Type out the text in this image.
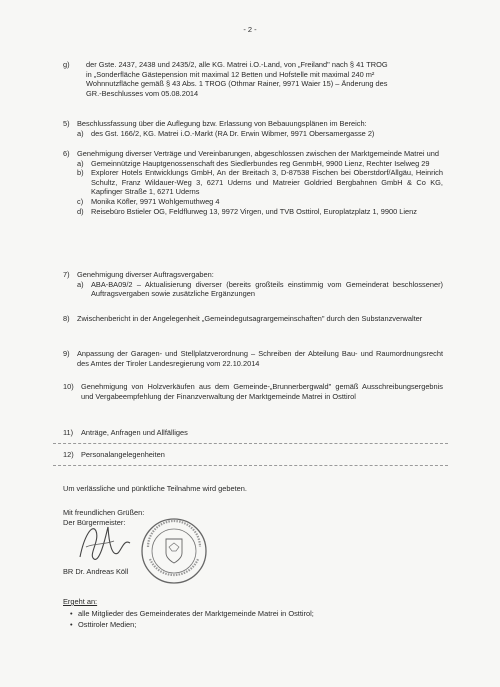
- 2 -
g) der Gste. 2437, 2438 und 2435/2, alle KG. Matrei i.O.-Land, von „Freiland" nach § 41 TROG
in „Sonderfläche Gästepension mit maximal 12 Betten und Hofstelle mit maximal 240 m²
Wohnnutzfläche gemäß § 43 Abs. 1 TROG (Othmar Rainer, 9971 Waier 15) – Änderung des
GR.-Beschlusses vom 05.08.2014
5) Beschlussfassung über die Auflegung bzw. Erlassung von Bebauungsplänen im Bereich:
a) des Gst. 166/2, KG. Matrei i.O.-Markt (RA Dr. Erwin Wibmer, 9971 Obersamergasse 2)
6) Genehmigung diverser Verträge und Vereinbarungen, abgeschlossen zwischen der Marktgemeinde Matrei und
a) Gemeinnützige Hauptgenossenschaft des Siedlerbundes reg GenmbH, 9900 Lienz, Rechter Iselweg 29
b) Explorer Hotels Entwicklungs GmbH, An der Breitach 3, D-87538 Fischen bei Oberstdorf/Allgäu, Heinrich Schultz, Franz Wildauer-Weg 3, 6271 Uderns und Matreier Goldried Bergbahnen GmbH & Co KG, Kapfinger Straße 1, 6271 Uderns
c) Monika Köfler, 9971 Wohlgemuthweg 4
d) Reisebüro Bstieler OG, Feldflurweg 13, 9972 Virgen, und TVB Osttirol, Europlatzplatz 1, 9900 Lienz
7) Genehmigung diverser Auftragsvergaben:
a) ABA-BA09/2 – Aktualisierung diverser (bereits großteils einstimmig vom Gemeinderat beschlossener) Auftragsvergaben sowie zusätzliche Ergänzungen
8) Zwischenbericht in der Angelegenheit „Gemeindegutsagrargemeinschaften" durch den Substanzverwalter
9) Anpassung der Garagen- und Stellplatzverordnung – Schreiben der Abteilung Bau- und Raumordnungsrecht des Amtes der Tiroler Landesregierung vom 22.10.2014
10) Genehmigung von Holzverkäufen aus dem Gemeinde-„Brunnerbergwald" gemäß Ausschreibungsergebnis und Vergabeempfehlung der Finanzverwaltung der Marktgemeinde Matrei in Osttirol
11) Anträge, Anfragen und Allfälliges
12) Personalangelegenheiten
Um verlässliche und pünktliche Teilnahme wird gebeten.
Mit freundlichen Grüßen:
Der Bürgermeister:
BR Dr. Andreas Köll
Ergeht an:
• alle Mitglieder des Gemeinderates der Marktgemeinde Matrei in Osttirol;
• Osttiroler Medien;
